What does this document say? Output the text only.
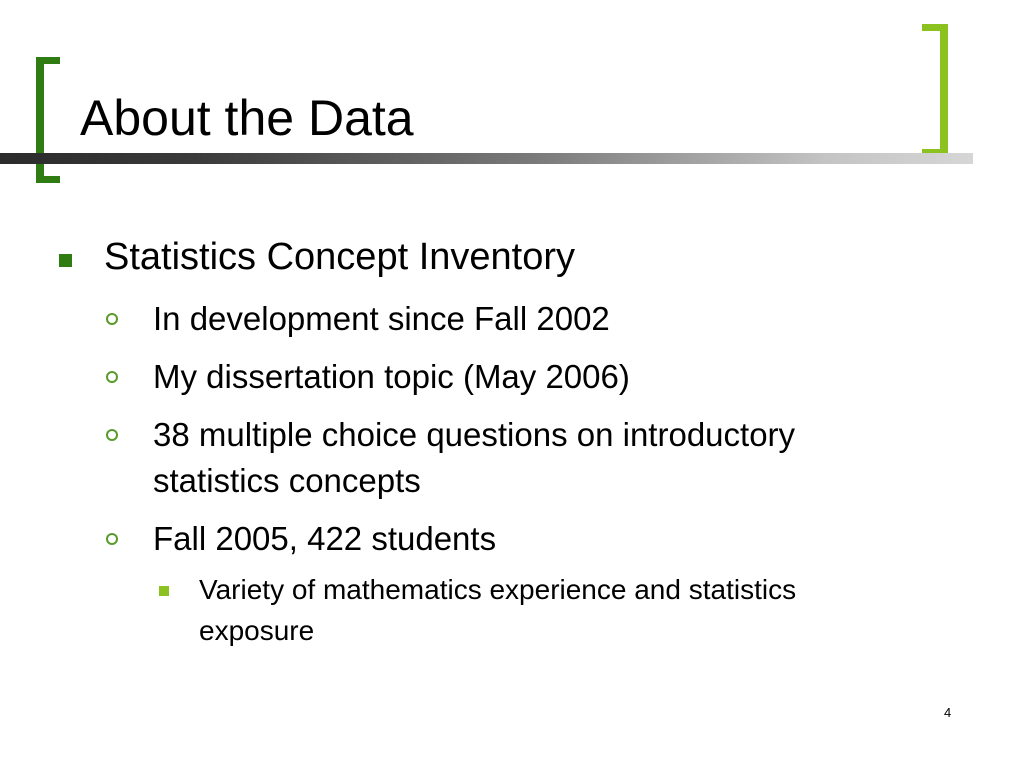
About the Data
Statistics Concept Inventory
In development since Fall 2002
My dissertation topic (May 2006)
38 multiple choice questions on introductory
statistics concepts
Fall 2005, 422 students
Variety of mathematics experience and statistics
exposure
4
